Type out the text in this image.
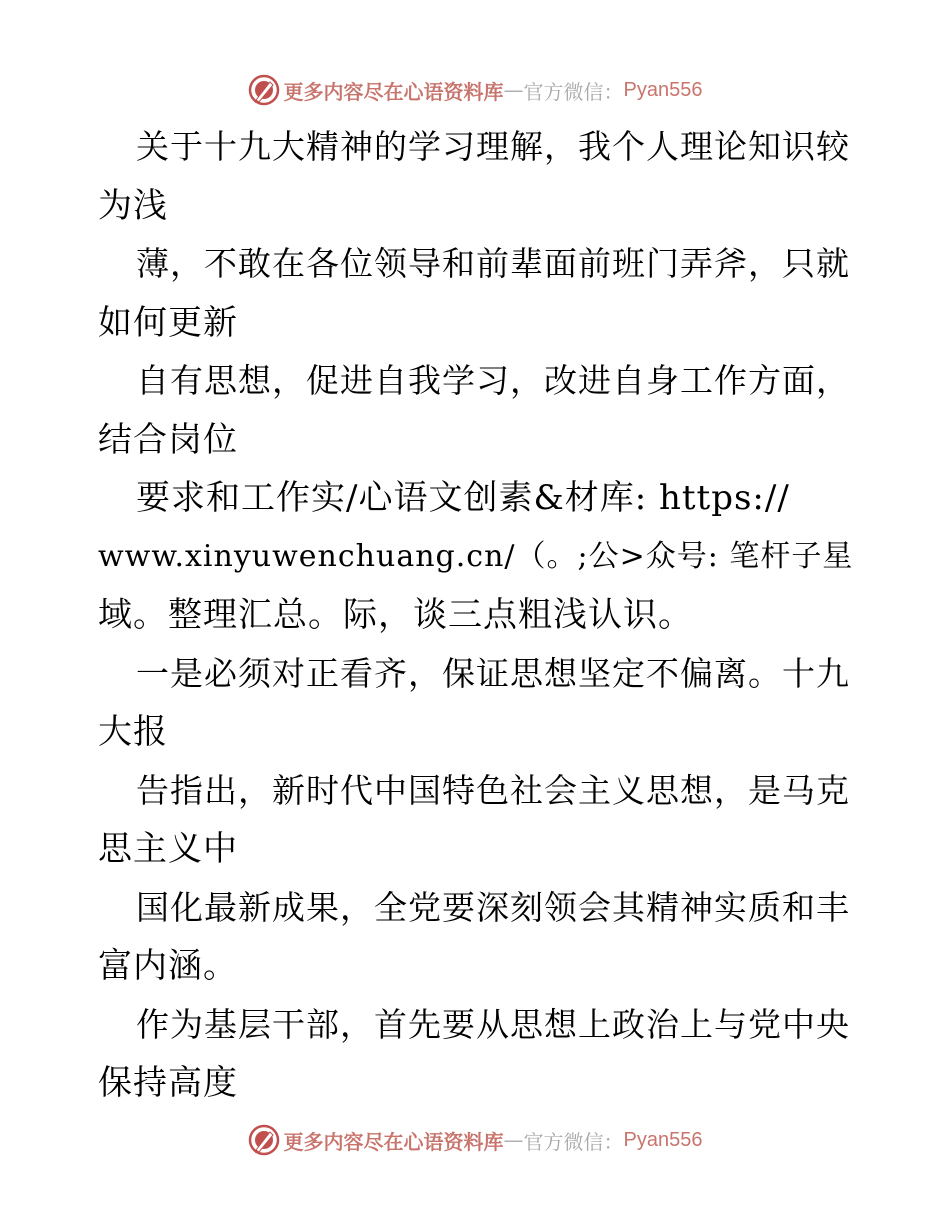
更多内容尽在心语资料库 — 官方微信： Pyan556
关于十九大精神的学习理解，我个人理论知识较
为浅
薄，不敢在各位领导和前辈面前班门弄斧，只就
如何更新
自有思想，促进自我学习，改进自身工作方面，
结合岗位
要求和工作实/心语文创素&材库: https://
www.xinyuwenchuang.cn/（。;公>众号: 笔杆子星
域。整理汇总。际，谈三点粗浅认识。
一是必须对正看齐，保证思想坚定不偏离。十九
大报
告指出，新时代中国特色社会主义思想，是马克
思主义中
国化最新成果，全党要深刻领会其精神实质和丰
富内涵。
作为基层干部，首先要从思想上政治上与党中央
保持高度
更多内容尽在心语资料库 — 官方微信： Pyan556
